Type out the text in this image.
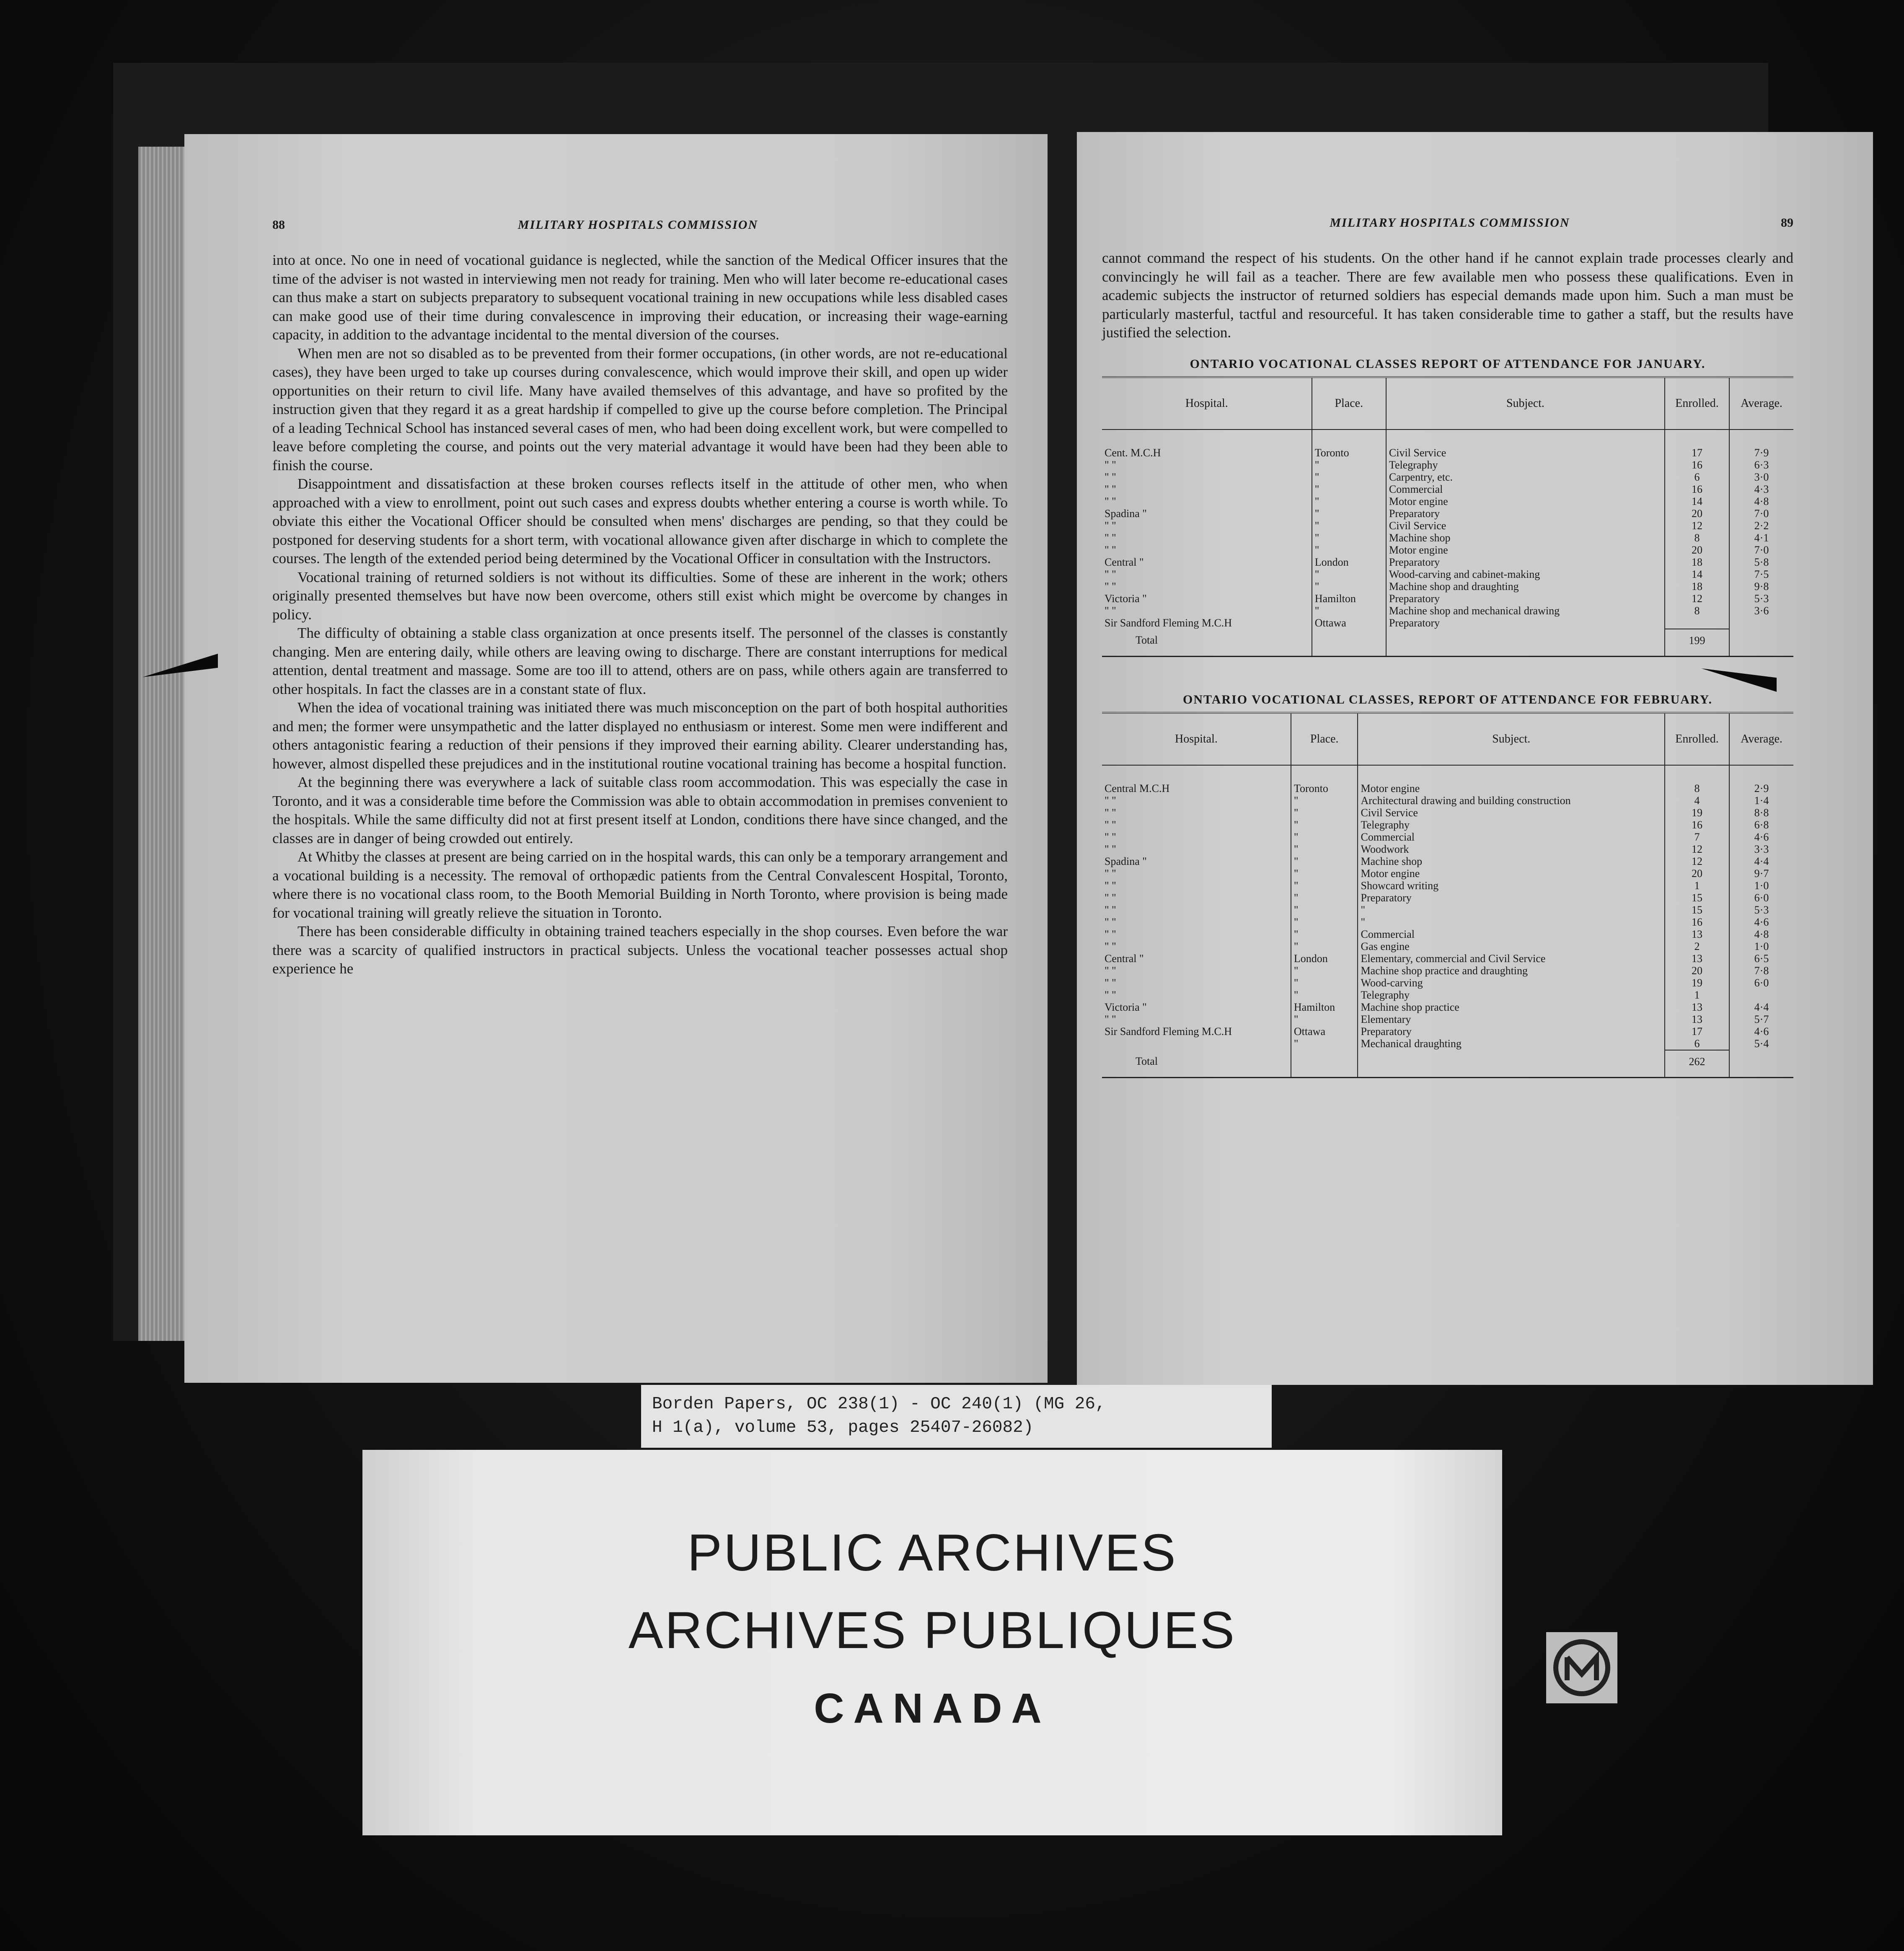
88	MILITARY HOSPITALS COMMISSION

into at once. No one in need of vocational guidance is neglected, while the sanction of the Medical Officer insures that the time of the adviser is not wasted in interviewing men not ready for training. Men who will later become re-educational cases can thus make a start on subjects preparatory to subsequent vocational training in new occupations while less disabled cases can make good use of their time during convalescence in improving their education, or increasing their wage-earning capacity, in addition to the advantage incidental to the mental diversion of the courses.

When men are not so disabled as to be prevented from their former occupations, (in other words, are not re-educational cases), they have been urged to take up courses during convalescence, which would improve their skill, and open up wider opportunities on their return to civil life. Many have availed themselves of this advantage, and have so profited by the instruction given that they regard it as a great hardship if compelled to give up the course before completion. The Principal of a leading Technical School has instanced several cases of men, who had been doing excellent work, but were compelled to leave before completing the course, and points out the very material advantage it would have been had they been able to finish the course.

Disappointment and dissatisfaction at these broken courses reflects itself in the attitude of other men, who when approached with a view to enrollment, point out such cases and express doubts whether entering a course is worth while. To obviate this either the Vocational Officer should be consulted when mens' discharges are pending, so that they could be postponed for deserving students for a short term, with vocational allowance given after discharge in which to complete the courses. The length of the extended period being determined by the Vocational Officer in consultation with the Instructors.

Vocational training of returned soldiers is not without its difficulties. Some of these are inherent in the work; others originally presented themselves but have now been overcome, others still exist which might be overcome by changes in policy.

The difficulty of obtaining a stable class organization at once presents itself. The personnel of the classes is constantly changing. Men are entering daily, while others are leaving owing to discharge. There are constant interruptions for medical attention, dental treatment and massage. Some are too ill to attend, others are on pass, while others again are transferred to other hospitals. In fact the classes are in a constant state of flux.

When the idea of vocational training was initiated there was much misconception on the part of both hospital authorities and men; the former were unsympathetic and the latter displayed no enthusiasm or interest. Some men were indifferent and others antagonistic fearing a reduction of their pensions if they improved their earning ability. Clearer understanding has, however, almost dispelled these prejudices and in the institutional routine vocational training has become a hospital function.

At the beginning there was everywhere a lack of suitable class room accommodation. This was especially the case in Toronto, and it was a considerable time before the Commission was able to obtain accommodation in premises convenient to the hospitals. While the same difficulty did not at first present itself at London, conditions there have since changed, and the classes are in danger of being crowded out entirely.

At Whitby the classes at present are being carried on in the hospital wards, this can only be a temporary arrangement and a vocational building is a necessity. The removal of orthopædic patients from the Central Convalescent Hospital, Toronto, where there is no vocational class room, to the Booth Memorial Building in North Toronto, where provision is being made for vocational training will greatly relieve the situation in Toronto.

There has been considerable difficulty in obtaining trained teachers especially in the shop courses. Even before the war there was a scarcity of qualified instructors in practical subjects. Unless the vocational teacher possesses actual shop experience he

MILITARY HOSPITALS COMMISSION	89

cannot command the respect of his students. On the other hand if he cannot explain trade processes clearly and convincingly he will fail as a teacher. There are few available men who possess these qualifications. Even in academic subjects the instructor of returned soldiers has especial demands made upon him. Such a man must be particularly masterful, tactful and resourceful. It has taken considerable time to gather a staff, but the results have justified the selection.

ONTARIO VOCATIONAL CLASSES REPORT OF ATTENDANCE FOR JANUARY.
Hospital.	Place.	Subject.	Enrolled.	Average.
Cent. M.C.H	Toronto	Civil Service	17	7·9
" "	"	Telegraphy	16	6·3
" "	"	Carpentry, etc.	6	3·0
" "	"	Commercial	16	4·3
" "	"	Motor engine	14	4·8
Spadina "	"	Preparatory	20	7·0
" "	"	Civil Service	12	2·2
" "	"	Machine shop	8	4·1
" "	"	Motor engine	20	7·0
Central "	London	Preparatory	18	5·8
" "	"	Wood-carving and cabinet-making	14	7·5
" "	"	Machine shop and draughting	18	9·8
Victoria "	Hamilton	Preparatory	12	5·3
" "	"	Machine shop and mechanical drawing	8	3·6
Sir Sandford Fleming M.C.H	Ottawa	Preparatory		
Total			199	
ONTARIO VOCATIONAL CLASSES, REPORT OF ATTENDANCE FOR FEBRUARY.
Hospital.	Place.	Subject.	Enrolled.	Average.
Central M.C.H	Toronto	Motor engine	8	2·9
" "	"	Architectural drawing and building construction	4	1·4
" "	"	Civil Service	19	8·8
" "	"	Telegraphy	16	6·8
" "	"	Commercial	7	4·6
" "	"	Woodwork	12	3·3
Spadina "	"	Machine shop	12	4·4
" "	"	Motor engine	20	9·7
" "	"	Showcard writing	1	1·0
" "	"	Preparatory	15	6·0
" "	"	"	15	5·3
" "	"	"	16	4·6
" "	"	Commercial	13	4·8
" "	"	Gas engine	2	1·0
Central "	London	Elementary, commercial and Civil Service	13	6·5
" "	"	Machine shop practice and draughting	20	7·8
" "	"	Wood-carving	19	6·0
" "	"	Telegraphy	1	
Victoria "	Hamilton	Machine shop practice	13	4·4
" "	"	Elementary	13	5·7
Sir Sandford Fleming M.C.H	Ottawa	Preparatory	17	4·6
	"	Mechanical draughting	6	5·4
Total			262	
Borden Papers, OC 238(1) - OC 240(1) (MG 26,
H 1(a), volume 53, pages 25407-26082)
PUBLIC ARCHIVES
ARCHIVES PUBLIQUES
CANADA
